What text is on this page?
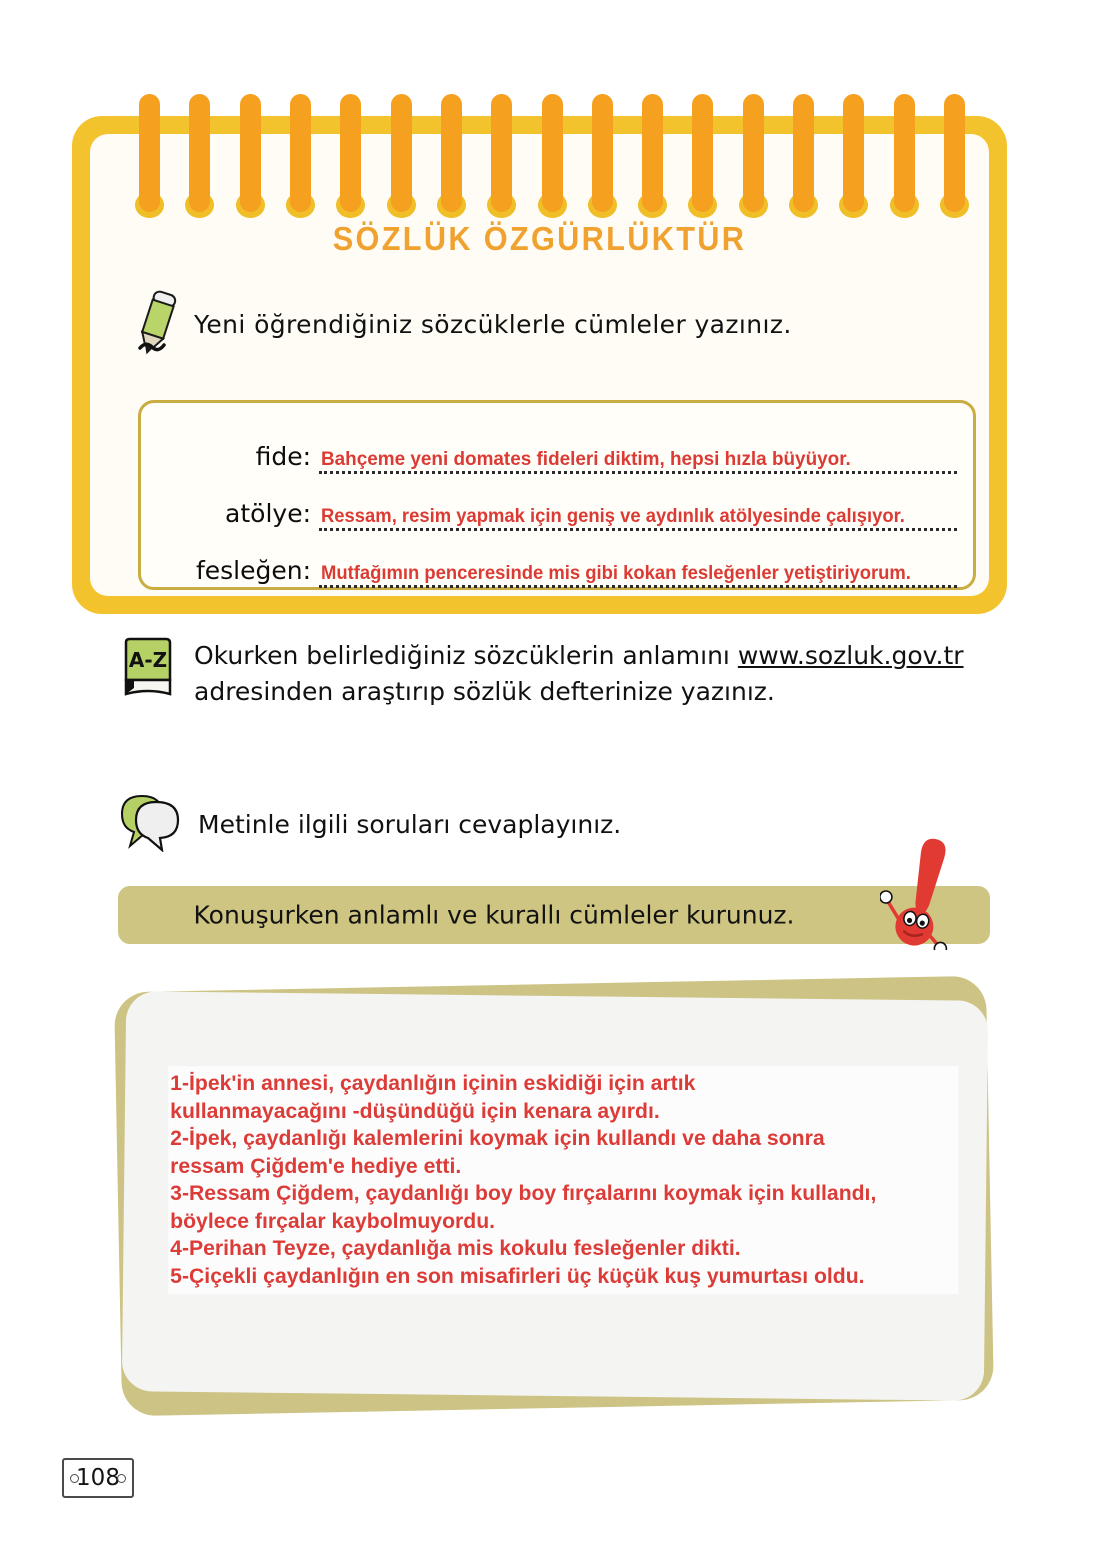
SÖZLÜK ÖZGÜRLÜKTÜR
Yeni öğrendiğiniz sözcüklerle cümleler yazınız.
fide: Bahçeme yeni domates fideleri diktim, hepsi hızla büyüyor.
atölye: Ressam, resim yapmak için geniş ve aydınlık atölyesinde çalışıyor.
fesleğen: Mutfağımın penceresinde mis gibi kokan fesleğenler yetiştiriyorum.
A-Z Okurken belirlediğiniz sözcüklerin anlamını www.sozluk.gov.tr
adresinden araştırıp sözlük defterinize yazınız.
Metinle ilgili soruları cevaplayınız.
Konuşurken anlamlı ve kurallı cümleler kurunuz.
1-İpek'in annesi, çaydanlığın içinin eskidiği için artık
kullanmayacağını -düşündüğü için kenara ayırdı.
2-İpek, çaydanlığı kalemlerini koymak için kullandı ve daha sonra
ressam Çiğdem'e hediye etti.
3-Ressam Çiğdem, çaydanlığı boy boy fırçalarını koymak için kullandı,
böylece fırçalar kaybolmuyordu.
4-Perihan Teyze, çaydanlığa mis kokulu fesleğenler dikti.
5-Çiçekli çaydanlığın en son misafirleri üç küçük kuş yumurtası oldu.
108
